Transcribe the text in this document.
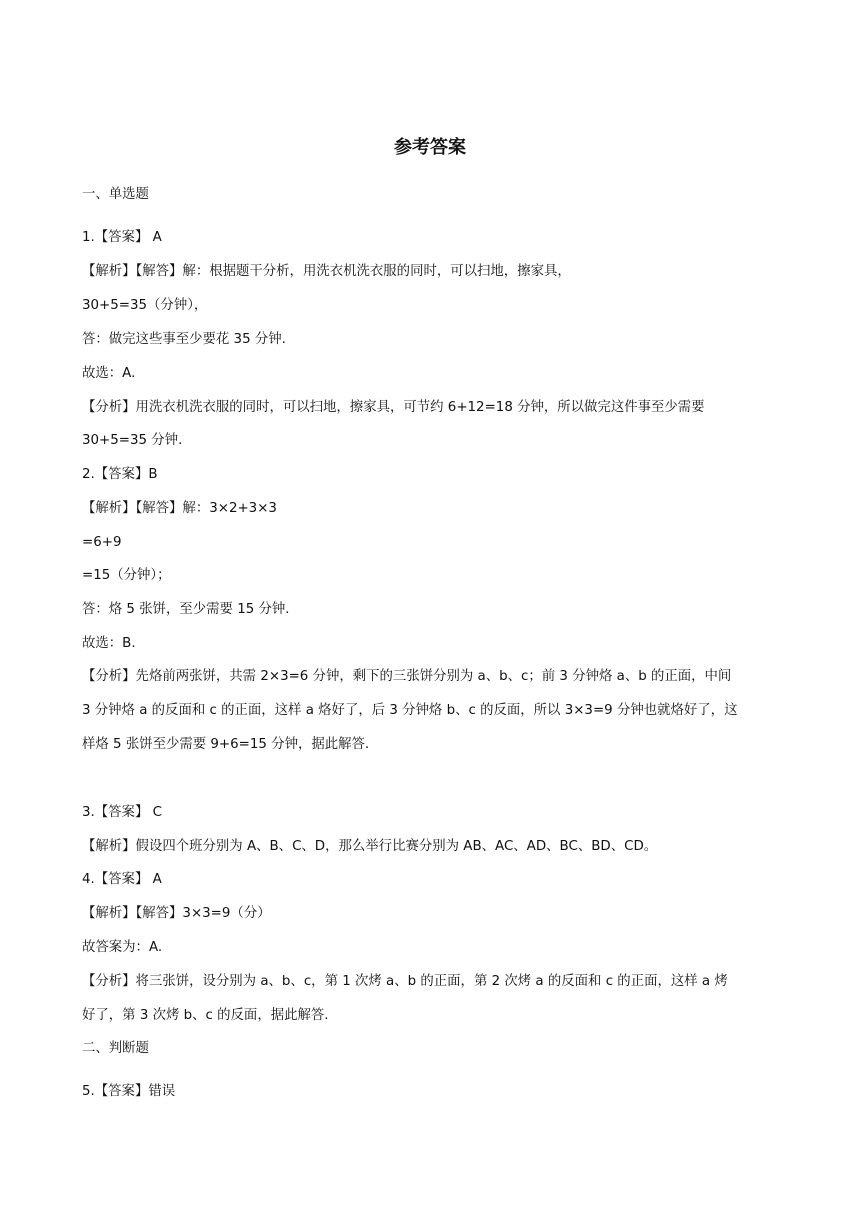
参考答案
一、单选题
1.【答案】 A
【解析】【解答】解：根据题干分析，用洗衣机洗衣服的同时，可以扫地，擦家具，
30+5=35（分钟），
答：做完这些事至少要花 35 分钟.
故选：A.
【分析】用洗衣机洗衣服的同时，可以扫地，擦家具，可节约 6+12=18 分钟，所以做完这件事至少需要
30+5=35 分钟.
2.【答案】B
【解析】【解答】解：3×2+3×3
=6+9
=15（分钟）；
答：烙 5 张饼，至少需要 15 分钟.
故选：B.
【分析】先烙前两张饼，共需 2×3=6 分钟，剩下的三张饼分别为 a、b、c；前 3 分钟烙 a、b 的正面，中间
3 分钟烙 a 的反面和 c 的正面，这样 a 烙好了，后 3 分钟烙 b、c 的反面，所以 3×3=9 分钟也就烙好了，这
样烙 5 张饼至少需要 9+6=15 分钟，据此解答.
3.【答案】 C
【解析】假设四个班分别为 A、B、C、D，那么举行比赛分别为 AB、AC、AD、BC、BD、CD。
4.【答案】 A
【解析】【解答】3×3=9（分）
故答案为：A.
【分析】将三张饼，设分别为 a、b、c，第 1 次烤 a、b 的正面，第 2 次烤 a 的反面和 c 的正面，这样 a 烤
好了，第 3 次烤 b、c 的反面，据此解答.
二、判断题
5.【答案】错误
